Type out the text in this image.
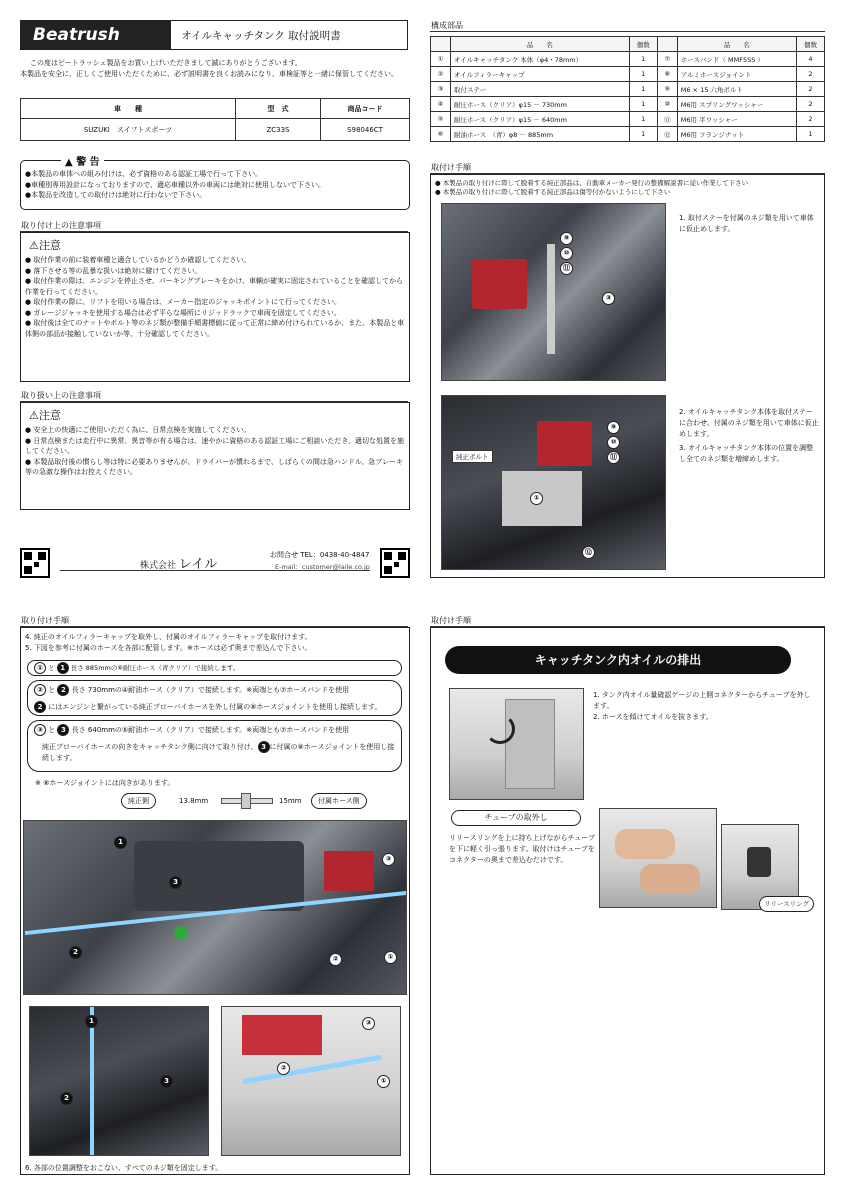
Beatrush	オイルキャッチタンク 取付説明書
この度はビートラッシュ製品をお買い上げいただきまして誠にありがとうございます。
本製品を安全に、正しくご使用いただくために、必ず説明書を良くお読みになり、車検証等と一緒に保管してください。
車　　種	型　式	商品コード
SUZUKI　スイフトスポーツ	ZC33S	S98046CT
▲ 警 告
●本製品の車体への組み付けは、必ず資格のある認証工場で行って下さい。
●車種別専用設計になっておりますので、適応車種以外の車両には絶対に使用しないで下さい。
●本製品を改造しての取付けは絶対に行わないで下さい。
取り付け上の注意事項
⚠注意
● 取付作業の前に装着車種と適合しているかどうか確認してください。
● 落下させる等の乱暴な扱いは絶対に避けてください。
● 取付作業の際は、エンジンを停止させ、パーキングブレーキをかけ、車輌が確実に固定されていることを確認してから作業を行ってください。
● 取付作業の際に、リフトを用いる場合は、メーカー指定のジャッキポイントにて行ってください。
● ガレージジャッキを使用する場合は必ず平らな場所にリジッドラックで車両を固定してください。
● 取付後は全てのナットやボルト等のネジ類が整備手順書標値に従って正常に締め付けられているか、また、本製品と車体側の部品が接触していないか等、十分確認してください。
取り扱い上の注意事項
⚠注意
● 安全上の快適にご使用いただく為に、日常点検を実施してください。
● 日常点検または走行中に異常、異音等が有る場合は、速やかに資格のある認証工場にご相談いただき、適切な処置を施してください。
● 本製品取付後の慣らし等は特に必要ありませんが、ドライバーが慣れるまで、しばらくの間は急ハンドル、急ブレーキ等の急激な操作はお控えください。
株式会社 レイル
お問合せ TEL：0438-40-4847
E-mail：customer@laile.co.jp
構成部品
	品　　名	個数		品　　名	個数
①	オイルキャッチタンク 本体（φ4・78mm）	1	⑦	ホースバンド（ MMF5SS ）	4
②	オイルフィラーキャップ	1	⑧	アルミホースジョイント	2
③	取付ステー	1	⑨	M6 × 15 六角ボルト	2
④	耐圧ホース（クリア）φ15 － 730mm	1	⑩	M6用 スプリングワッシャー	2
⑤	耐圧ホース（クリア）φ15 － 640mm	1	⑪	M6用 平ワッシャー	2
⑥	耐油ホース　（青）φ8 － 885mm	1	⑫	M6用 フランジナット	1
取付け手順
● 本製品の取り付けに際して脱着する純正部品は、自動車メーカー発行の整備解説書に従い作業して下さい
● 本製品の取り付けに際して脱着する純正部品は傷等付かないようにして下さい
⑨
⑩
⑪
③
1. 取付ステーを付属のネジ類を用いて車体に仮止めします。
①
⑨
⑩
⑪
⑫
純正ボルト
2. オイルキャッチタンク本体を取付ステーに合わせ、付属のネジ類を用いて車体に仮止めします。
3. オイルキャッチタンク本体の位置を調整し全てのネジ類を増締めします。
取り付け手順
4. 純正のオイルフィラーキャップを取外し、付属のオイルフィラーキャップを取付けます。
5. 下図を参考に付属のホースを各部に配管します。※ホースは必ず奥まで差込んで下さい。
① と 1 長さ 885mmの⑥耐圧ホース（青クリア）で接続します。
② と 2 長さ 730mmの④耐油ホース（クリア）で接続します。※両端とも⑦ホースバンドを使用
2 にはエンジンと繋がっている純正ブローバイホースを外し付属の⑧ホースジョイントを使用し接続します。
③ と 3 長さ 640mmの⑤耐油ホース（クリア）で接続します。※両端とも⑦ホースバンドを使用
純正ブローバイホースの向きをキャッチタンク側に向けて取り付け、 3 に付属の⑧ホースジョイントを使用し接続します。
※ ⑧ホースジョイントには向きがあります。
純正側	13.8mm	15mm	付属ホース側
1
3
2
③
②	①
1
3
2
③
②
①
6. 各部の位置調整をおこない、すべてのネジ類を固定します。
取付け手順
キャッチタンク内オイルの排出
1. タンク内オイル量確認ゲージの上側コネクターからチューブを外します。
2. ホースを傾けてオイルを抜きます。
チューブの取外し
リリースリングを上に持ち上げながらチューブを下に軽く引っ張ります。取付けはチューブをコネクターの奥まで差込むだけです。
リリースリング
